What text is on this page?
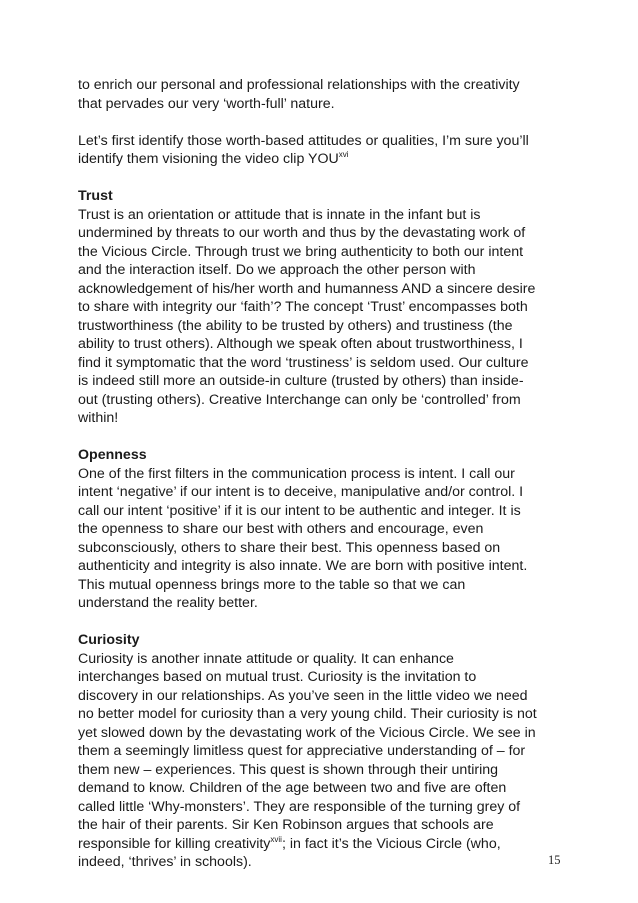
to enrich our personal and professional relationships with the creativity
that pervades our very ‘worth-full’ nature.
Let’s first identify those worth-based attitudes or qualities, I’m sure you’ll
identify them visioning the video clip YOU$^{xvi}$
Trust
Trust is an orientation or attitude that is innate in the infant but is
undermined by threats to our worth and thus by the devastating work of
the Vicious Circle. Through trust we bring authenticity to both our intent
and the interaction itself. Do we approach the other person with
acknowledgement of his/her worth and humanness AND a sincere desire
to share with integrity our ‘faith’? The concept ‘Trust’ encompasses both
trustworthiness (the ability to be trusted by others) and trustiness (the
ability to trust others). Although we speak often about trustworthiness, I
find it symptomatic that the word ‘trustiness’ is seldom used. Our culture
is indeed still more an outside-in culture (trusted by others) than inside-
out (trusting others). Creative Interchange can only be ‘controlled’ from
within!
Openness
One of the first filters in the communication process is intent. I call our
intent ‘negative’ if our intent is to deceive, manipulative and/or control. I
call our intent ‘positive’ if it is our intent to be authentic and integer. It is
the openness to share our best with others and encourage, even
subconsciously, others to share their best. This openness based on
authenticity and integrity is also innate. We are born with positive intent.
This mutual openness brings more to the table so that we can
understand the reality better.
Curiosity
Curiosity is another innate attitude or quality. It can enhance
interchanges based on mutual trust. Curiosity is the invitation to
discovery in our relationships. As you’ve seen in the little video we need
no better model for curiosity than a very young child. Their curiosity is not
yet slowed down by the devastating work of the Vicious Circle. We see in
them a seemingly limitless quest for appreciative understanding of – for
them new – experiences. This quest is shown through their untiring
demand to know. Children of the age between two and five are often
called little ‘Why-monsters’. They are responsible of the turning grey of
the hair of their parents. Sir Ken Robinson argues that schools are
responsible for killing creativity$^{xvii}$; in fact it’s the Vicious Circle (who,
indeed, ‘thrives’ in schools).	15
